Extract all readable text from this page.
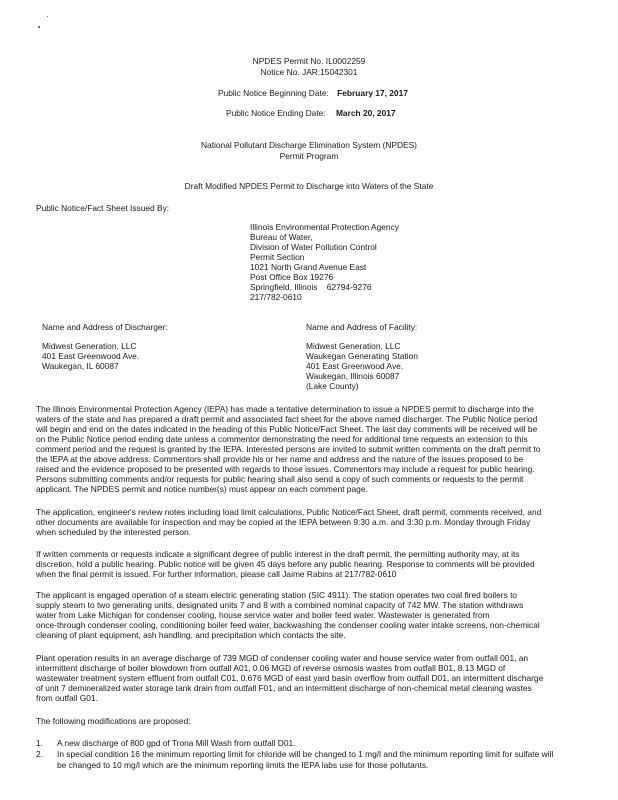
NPDES Permit No. IL0002259
Notice No. JAR:15042301
Public Notice Beginning Date: February 17, 2017
Public Notice Ending Date: March 20, 2017
National Pollutant Discharge Elimination System (NPDES)
Permit Program
Draft Modified NPDES Permit to Discharge into Waters of the State
Public Notice/Fact Sheet Issued By:
Illinois Environmental Protection Agency
Bureau of Water,
Division of Water Pollution Control
Permit Section
1021 North Grand Avenue East
Post Office Box 19276
Springfield, Illinois    62794-9276
217/782-0610
Name and Address of Discharger:
Midwest Generation, LLC
401 East Greenwood Ave.
Waukegan, IL 60087
Name and Address of Facility:
Midwest Generation, LLC
Waukegan Generating Station
401 East Greenwood Ave.
Waukegan, Illinois 60087
(Lake County)
The Illinois Environmental Protection Agency (IEPA) has made a tentative determination to issue a NPDES permit to discharge into the
waters of the state and has prepared a draft permit and associated fact sheet for the above named discharger. The Public Notice period
will begin and end on the dates indicated in the heading of this Public Notice/Fact Sheet. The last day comments will be received will be
on the Public Notice period ending date unless a commentor demonstrating the need for additional time requests an extension to this
comment period and the request is granted by the IEPA. Interested persons are invited to submit written comments on the draft permit to
the IEPA at the above address. Commentors shall provide his or her name and address and the nature of the issues proposed to be
raised and the evidence proposed to be presented with regards to those issues. Commentors may include a request for public hearing.
Persons submitting comments and/or requests for public hearing shall also send a copy of such comments or requests to the permit
applicant. The NPDES permit and notice number(s) must appear on each comment page.
The application, engineer's review notes including load limit calculations, Public Notice/Fact Sheet, draft permit, comments received, and
other documents are available for inspection and may be copied at the IEPA between 9:30 a.m. and 3:30 p.m. Monday through Friday
when scheduled by the interested person.
If written comments or requests indicate a significant degree of public interest in the draft permit, the permitting authority may, at its
discretion, hold a public hearing. Public notice will be given 45 days before any public hearing. Response to comments will be provided
when the final permit is issued. For further information, please call Jaime Rabins at 217/782-0610
The applicant is engaged operation of a steam electric generating station (SIC 4911). The station operates two coal fired boilers to
supply steam to two generating units, designated units 7 and 8 with a combined nominal capacity of 742 MW. The station withdraws
water from Lake Michigan for condenser cooling, house service water and boiler feed water. Wastewater is generated from
once-through condenser cooling, conditioning boiler feed water, backwashing the condenser cooling water intake screens, non-chemical
cleaning of plant equipment, ash handling, and precipitation which contacts the site.
Plant operation results in an average discharge of 739 MGD of condenser cooling water and house service water from outfall 001, an
intermittent discharge of boiler blowdown from outfall A01, 0.06 MGD of reverse osmosis wastes from outfall B01, 8.13 MGD of
wastewater treatment system effluent from outfall C01, 0.676 MGD of east yard basin overflow from outfall D01, an intermittent discharge
of unit 7 demineralized water storage tank drain from outfall F01, and an intermittent discharge of non-chemical metal cleaning wastes
from outfall G01.
The following modifications are proposed:
1. A new discharge of 800 gpd of Trona Mill Wash from outfall D01.
2. In special condition 16 the minimum reporting limit for chloride will be changed to 1 mg/l and the minimum reporting limit for sulfate will
be changed to 10 mg/l which are the minimum reporting limits the IEPA labs use for those pollutants.
